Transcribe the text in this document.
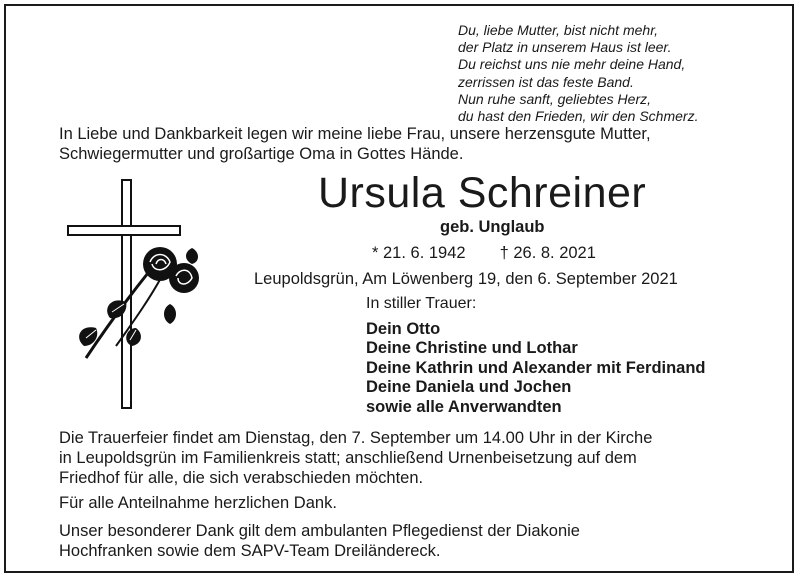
Du, liebe Mutter, bist nicht mehr,
der Platz in unserem Haus ist leer.
Du reichst uns nie mehr deine Hand,
zerrissen ist das feste Band.
Nun ruhe sanft, geliebtes Herz,
du hast den Frieden, wir den Schmerz.
In Liebe und Dankbarkeit legen wir meine liebe Frau, unsere herzensgute Mutter,
Schwiegermutter und großartige Oma in Gottes Hände.
Ursula Schreiner
geb. Unglaub
* 21. 6. 1942 † 26. 8. 2021
Leupoldsgrün, Am Löwenberg 19, den 6. September 2021
In stiller Trauer:
Dein Otto
Deine Christine und Lothar
Deine Kathrin und Alexander mit Ferdinand
Deine Daniela und Jochen
sowie alle Anverwandten
Die Trauerfeier findet am Dienstag, den 7. September um 14.00 Uhr in der Kirche
in Leupoldsgrün im Familienkreis statt; anschließend Urnenbeisetzung auf dem
Friedhof für alle, die sich verabschieden möchten.
Für alle Anteilnahme herzlichen Dank.
Unser besonderer Dank gilt dem ambulanten Pflegedienst der Diakonie
Hochfranken sowie dem SAPV-Team Dreiländereck.
